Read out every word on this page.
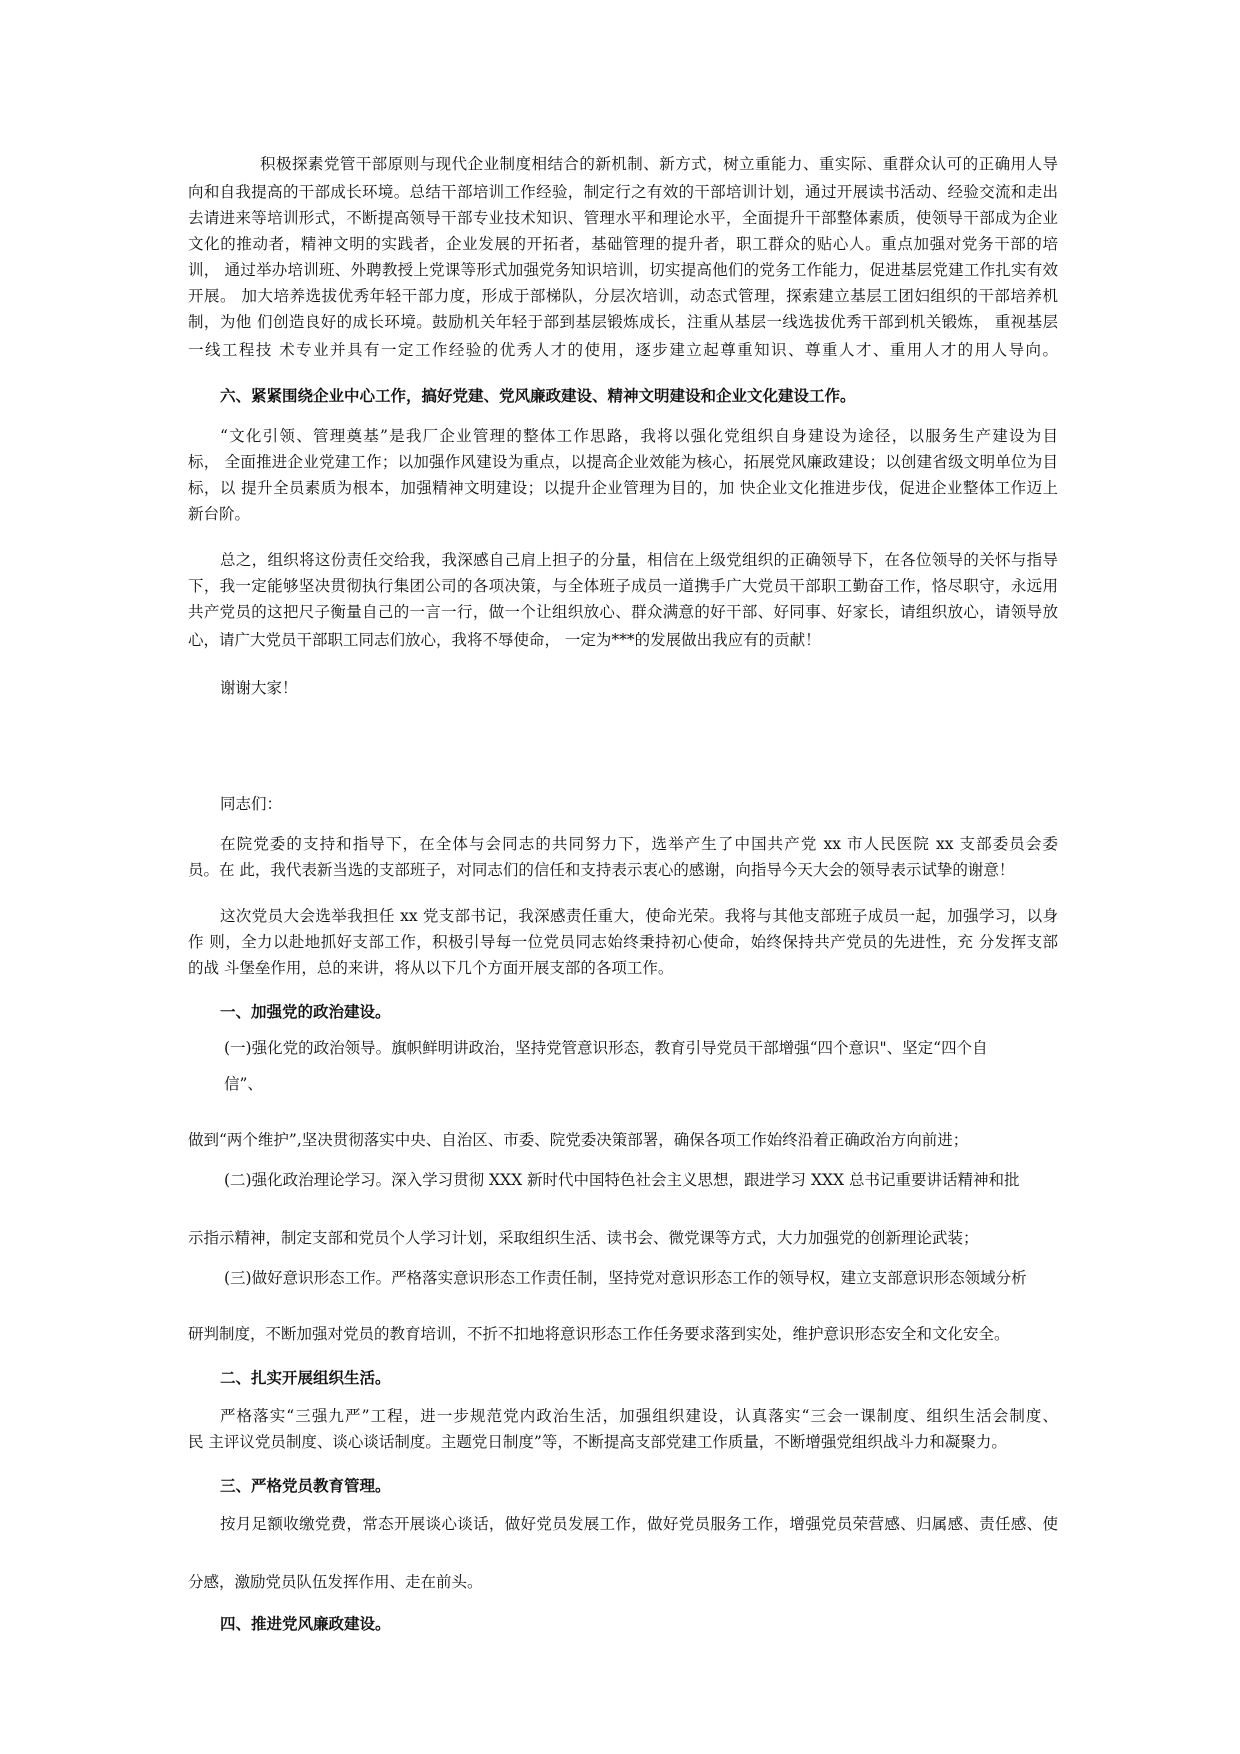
积极探素党管干部原则与现代企业制度相结合的新机制、新方式，树立重能力、重实际、重群众认可的正确用人导
向和自我提高的干部成长环境。总结干部培训工作经验，制定行之有效的干部培训计划，通过开展读书活动、经验交流和走出
去请进来等培训形式，不断提高领导干部专业技术知识、管理水平和理论水平，全面提升干部整体素质，使领导干部成为企业
文化的推动者，精神文明的实践者，企业发展的开拓者，基础管理的提升者，职工群众的贴心人。重点加强对党务干部的培
训， 通过举办培训班、外聘教授上党课等形式加强党务知识培训，切实提高他们的党务工作能力，促进基层党建工作扎实有效
开展。 加大培养选拔优秀年轻干部力度，形成于部梯队，分层次培训，动态式管理，探索建立基层工团妇组织的干部培养机
制，为他 们创造良好的成长环境。鼓励机关年轻于部到基层锻炼成长，注重从基层一线选拔优秀干部到机关锻炼， 重视基层
一线工程技 术专业并具有一定工作经验的优秀人才的使用，逐步建立起尊重知识、尊重人才、重用人才的用人导向。
六、紧紧围绕企业中心工作，搞好党建、党风廉政建设、精神文明建设和企业文化建设工作。
“文化引领、管理奠基”是我厂企业管理的整体工作思路，我将以强化党组织自身建设为途径，以服务生产建设为目
标， 全面推进企业党建工作；以加强作风建设为重点，以提高企业效能为核心，拓展党风廉政建设；以创建省级文明单位为目
标，以 提升全员素质为根本，加强精神文明建设；以提升企业管理为目的，加 快企业文化推进步伐，促进企业整体工作迈上
新台阶。
总之，组织将这份责任交给我，我深感自己肩上担子的分量，相信在上级党组织的正确领导下，在各位领导的关怀与指导
下，我一定能够坚决贯彻执行集团公司的各项决策，与全体班子成员一道携手广大党员干部职工勤奋工作，恪尽职守，永远用
共产党员的这把尺子衡量自己的一言一行，做一个让组织放心、群众满意的好干部、好同事、好家长，请组织放心，请领导放
心，请广大党员干部职工同志们放心，我将不辱使命， 一定为***的发展做出我应有的贡献！
谢谢大家！
同志们：
在院党委的支持和指导下，在全体与会同志的共同努力下，选举产生了中国共产党 xx 市人民医院 xx 支部委员会委
员。在 此，我代表新当选的支部班子，对同志们的信任和支持表示衷心的感谢，向指导今天大会的领导表示试挚的谢意！
这次党员大会选举我担任 xx 党支部书记，我深感责任重大，使命光荣。我将与其他支部班子成员一起，加强学习，以身
作 则，全力以赴地抓好支部工作，积极引导每一位党员同志始终秉持初心使命，始终保持共产党员的先进性，充 分发挥支部
的战 斗堡垒作用，总的来讲，将从以下几个方面开展支部的各项工作。
一、加强党的政治建设。
(一)强化党的政治领导。旗帜鲜明讲政治，坚持党管意识形态，教育引导党员干部增强“四个意识"、坚定“四个自
信”、
做到“两个维护”,坚决贯彻落实中央、自治区、市委、院党委决策部署，确保各项工作始终沿着正确政治方向前进；
(二)强化政治理论学习。深入学习贯彻 XXX 新时代中国特色社会主义思想，跟进学习 XXX 总书记重要讲话精神和批
示指示精神，制定支部和党员个人学习计划，采取组织生活、读书会、微党课等方式，大力加强党的创新理论武装；
(三)做好意识形态工作。严格落实意识形态工作责任制，坚持党对意识形态工作的领导权，建立支部意识形态领域分析
研判制度，不断加强对党员的教育培训，不折不扣地将意识形态工作任务要求落到实处，维护意识形态安全和文化安全。
二、扎实开展组织生活。
严格落实“三强九严”工程，进一步规范党内政治生活，加强组织建设，认真落实“三会一课制度、组织生活会制度、
民 主评议党员制度、谈心谈话制度。主题党日制度”等，不断提高支部党建工作质量，不断增强党组织战斗力和凝聚力。
三、严格党员教育管理。
按月足额收缴党费，常态开展谈心谈话，做好党员发展工作，做好党员服务工作，增强党员荣营感、归属感、责任感、使
分感，激励党员队伍发挥作用、走在前头。
四、推进党风廉政建设。
